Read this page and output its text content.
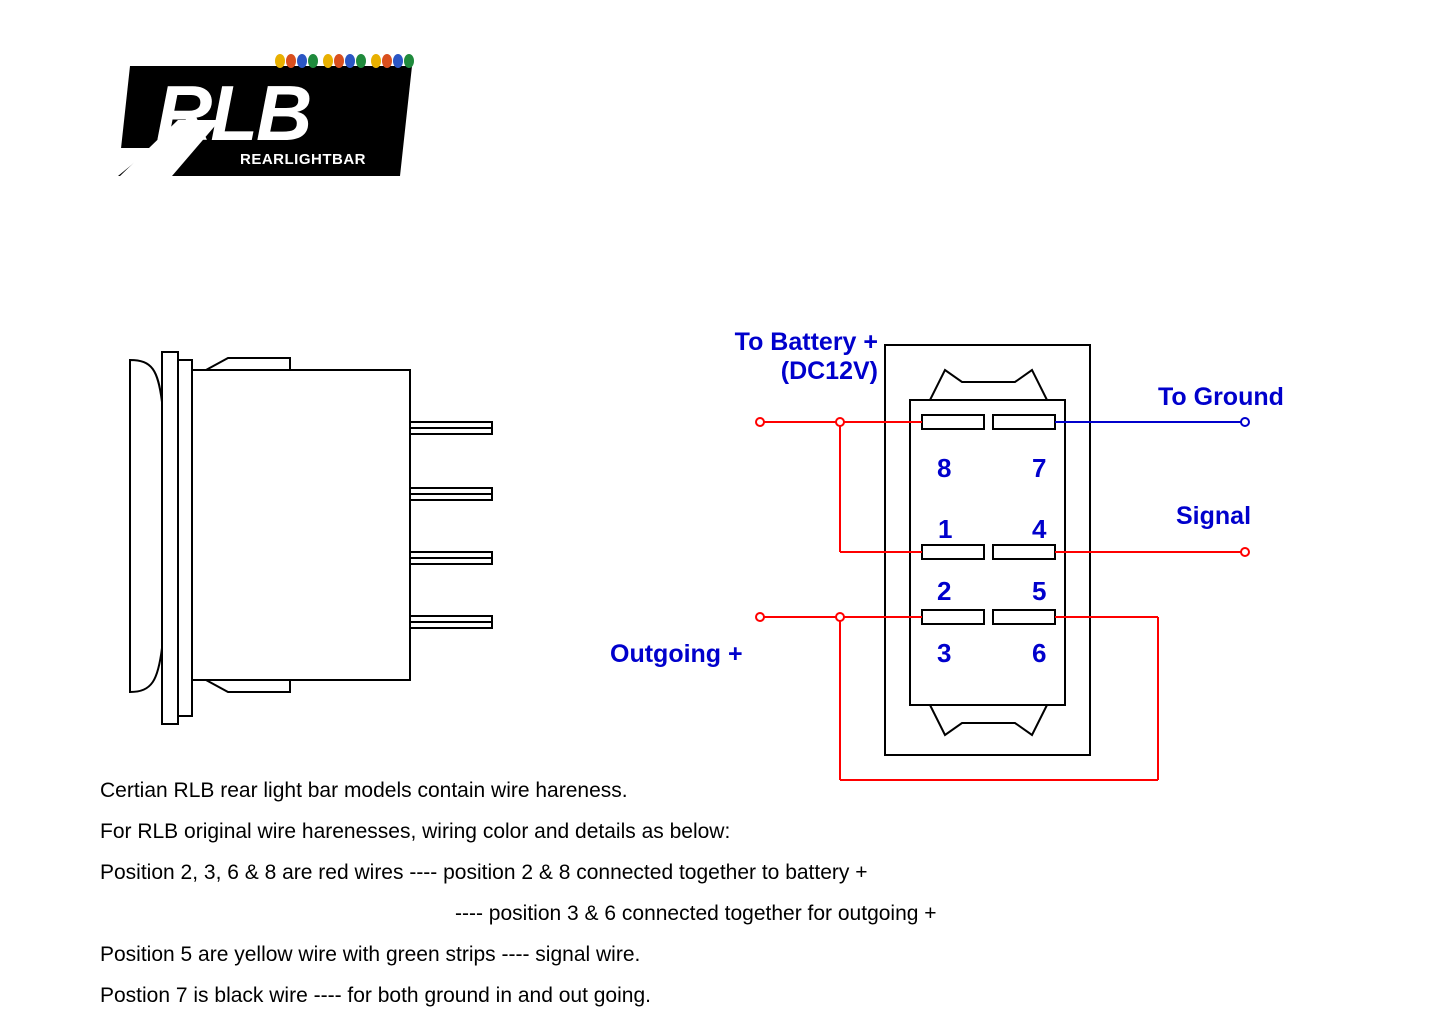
RLB
REARLIGHTBAR
8	7
1	4
2	5
3	6
To Battery +
(DC12V)
To Ground
Signal
Outgoing +
Certian RLB rear light bar models contain wire hareness.
For RLB original wire harenesses, wiring color and details as below:
Position 2, 3, 6 & 8 are red wires ---- position 2 & 8 connected together to battery +
---- position 3 & 6 connected together for outgoing +
Position 5 are yellow wire with green strips ---- signal wire.
Postion 7 is black wire ---- for both ground in and out going.
